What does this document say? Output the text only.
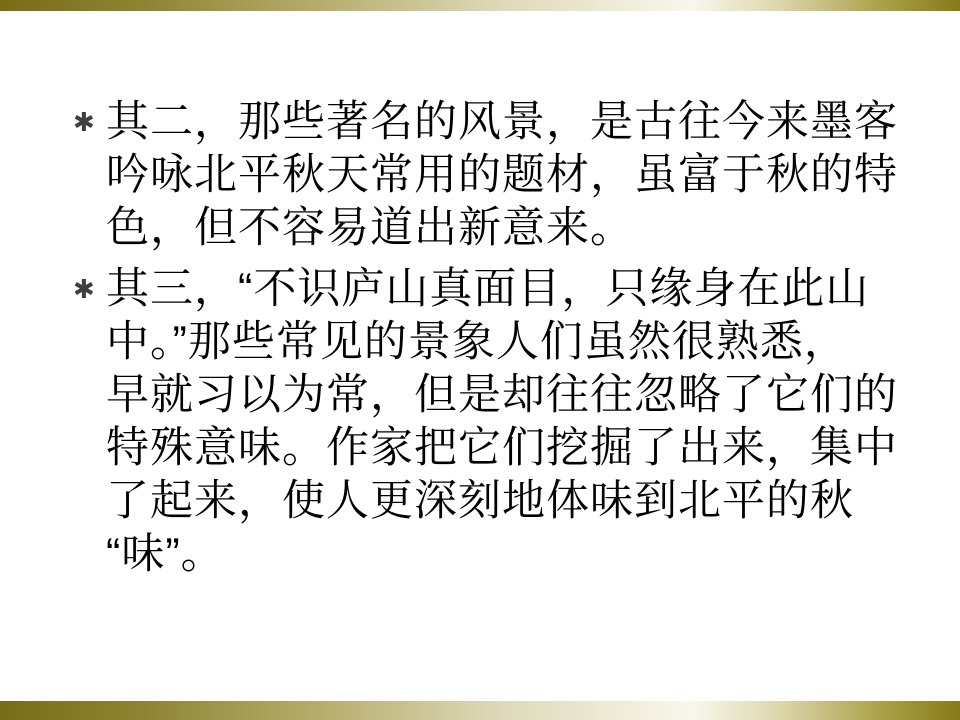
✱ 其二，那些著名的风景，是古往今来墨客
吟咏北平秋天常用的题材，虽富于秋的特
色，但不容易道出新意来。
✱ 其三，“不识庐山真面目，只缘身在此山
中。”那些常见的景象人们虽然很熟悉，
早就习以为常，但是却往往忽略了它们的
特殊意味。作家把它们挖掘了出来，集中
了起来，使人更深刻地体味到北平的秋
“味”。
